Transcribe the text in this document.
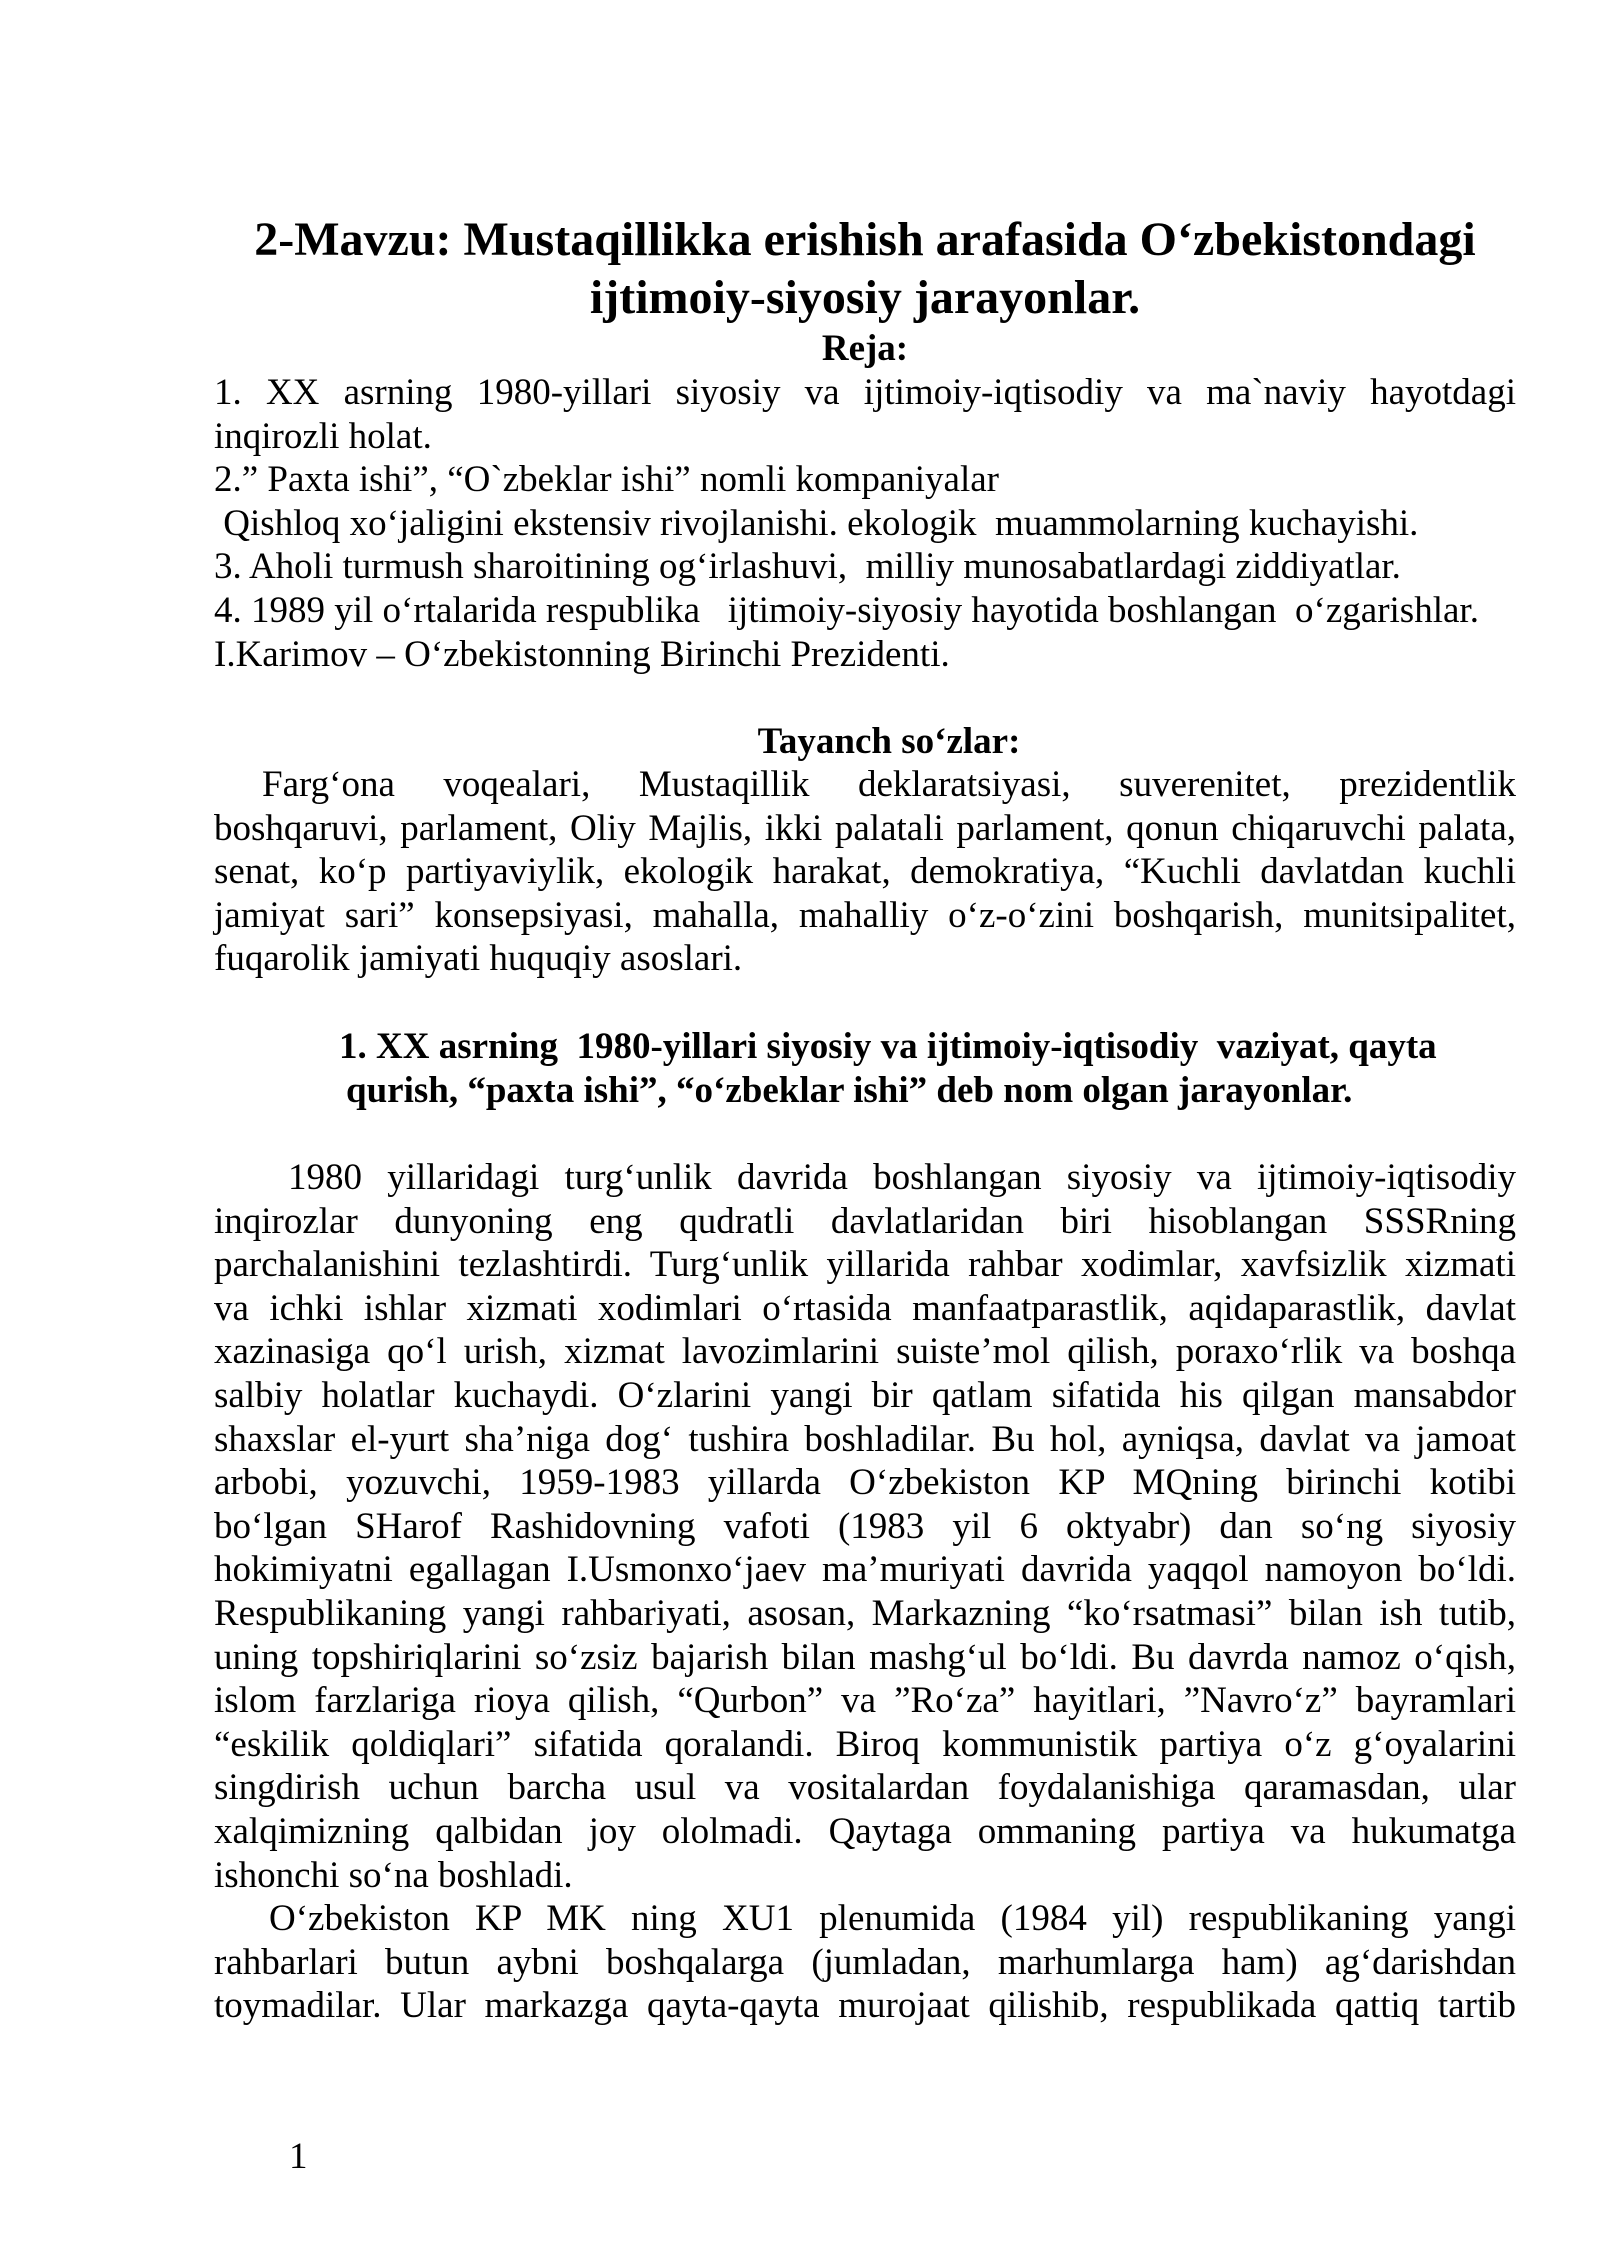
2-Mavzu: Mustaqillikka erishish arafasida O‘zbekistondagi
ijtimoiy-siyosiy jarayonlar.
Reja:
1. XX asrning 1980-yillari siyosiy va ijtimoiy-iqtisodiy va ma`naviy hayotdagi
inqirozli holat.
2.” Paxta ishi”, “O`zbeklar ishi” nomli kompaniyalar
Qishloq xo‘jaligini ekstensiv rivojlanishi. ekologik  muammolarning kuchayishi.
3. Aholi turmush sharoitining og‘irlashuvi,  milliy munosabatlardagi ziddiyatlar.
4. 1989 yil o‘rtalarida respublika   ijtimoiy-siyosiy hayotida boshlangan  o‘zgarishlar.
I.Karimov – O‘zbekistonning Birinchi Prezidenti.
Tayanch so‘zlar:
Farg‘ona voqealari, Mustaqillik deklaratsiyasi, suverenitet, prezidentlik
boshqaruvi, parlament, Oliy Majlis, ikki palatali parlament, qonun chiqaruvchi palata,
senat, ko‘p partiyaviylik, ekologik harakat, demokratiya, “Kuchli davlatdan kuchli
jamiyat sari” konsepsiyasi, mahalla, mahalliy o‘z-o‘zini boshqarish, munitsipalitet,
fuqarolik jamiyati huquqiy asoslari.
1. XX asrning  1980-yillari siyosiy va ijtimoiy-iqtisodiy  vaziyat, qayta
qurish, “paxta ishi”, “o‘zbeklar ishi” deb nom olgan jarayonlar.
1980 yillaridagi turg‘unlik davrida boshlangan siyosiy va ijtimoiy-iqtisodiy
inqirozlar dunyoning eng qudratli davlatlaridan biri hisoblangan SSSRning
parchalanishini tezlashtirdi. Turg‘unlik yillarida rahbar xodimlar, xavfsizlik xizmati
va ichki ishlar xizmati xodimlari o‘rtasida manfaatparastlik, aqidaparastlik, davlat
xazinasiga qo‘l urish, xizmat lavozimlarini suiste’mol qilish, poraxo‘rlik va boshqa
salbiy holatlar kuchaydi. O‘zlarini yangi bir qatlam sifatida his qilgan mansabdor
shaxslar el-yurt sha’niga dog‘ tushira boshladilar. Bu hol, ayniqsa, davlat va jamoat
arbobi, yozuvchi, 1959-1983 yillarda O‘zbekiston KP MQning birinchi kotibi
bo‘lgan SHarof Rashidovning vafoti (1983 yil 6 oktyabr) dan so‘ng siyosiy
hokimiyatni egallagan I.Usmonxo‘jaev ma’muriyati davrida yaqqol namoyon bo‘ldi.
Respublikaning yangi rahbariyati, asosan, Markazning “ko‘rsatmasi” bilan ish tutib,
uning topshiriqlarini so‘zsiz bajarish bilan mashg‘ul bo‘ldi. Bu davrda namoz o‘qish,
islom farzlariga rioya qilish, “Qurbon” va ”Ro‘za” hayitlari, ”Navro‘z” bayramlari
“eskilik qoldiqlari” sifatida qoralandi. Biroq kommunistik partiya o‘z g‘oyalarini
singdirish uchun barcha usul va vositalardan foydalanishiga qaramasdan, ular
xalqimizning qalbidan joy ololmadi. Qaytaga ommaning partiya va hukumatga
ishonchi so‘na boshladi.
O‘zbekiston KP MK ning XU1 plenumida (1984 yil) respublikaning yangi
rahbarlari butun aybni boshqalarga (jumladan, marhumlarga ham) ag‘darishdan
toymadilar. Ular markazga qayta-qayta murojaat qilishib, respublikada qattiq tartib
1
